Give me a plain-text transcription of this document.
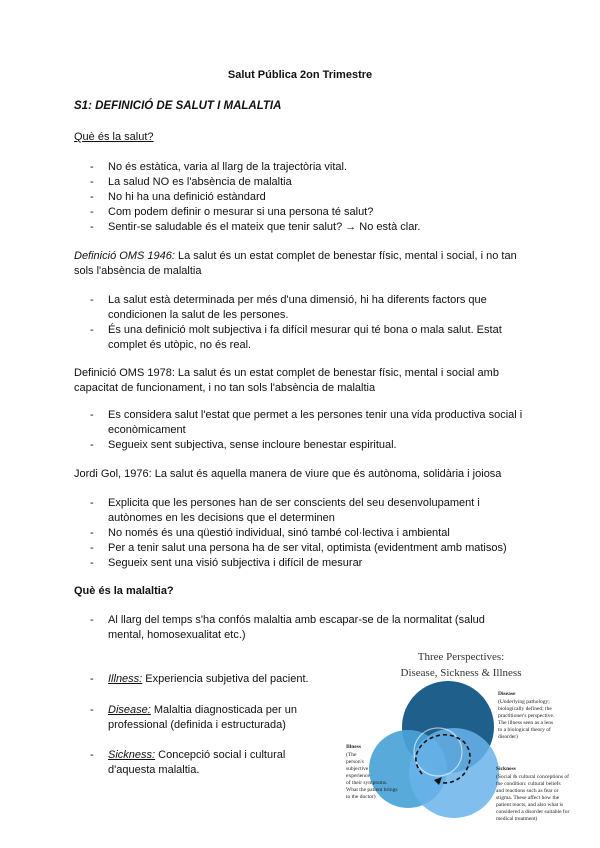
Salut Pública 2on Trimestre
S1: DEFINICIÓ DE SALUT I MALALTIA
Què és la salut?
- No és estàtica, varia al llarg de la trajectòria vital.
- La salud NO es l'absència de malaltia
- No hi ha una definició estàndard
- Com podem definir o mesurar si una persona té salut?
- Sentir-se saludable és el mateix que tenir salut? → No està clar.
Definició OMS 1946: La salut és un estat complet de benestar físic, mental i social, i no tan sols l'absència de malaltia
- La salut està determinada per més d'una dimensió, hi ha diferents factors que condicionen la salut de les persones.
- És una definició molt subjectiva i fa difícil mesurar qui té bona o mala salut. Estat complet és utòpic, no és real.
Definició OMS 1978: La salut és un estat complet de benestar físic, mental i social amb capacitat de funcionament, i no tan sols l'absència de malaltia
- Es considera salut l'estat que permet a les persones tenir una vida productiva social i econòmicament
- Segueix sent subjectiva, sense incloure benestar espiritual.
Jordi Gol, 1976: La salut és aquella manera de viure que és autònoma, solidària i joiosa
- Explicita que les persones han de ser conscients del seu desenvolupament i autònomes en les decisions que el determinen
- No només és una qüestió individual, sinó també col·lectiva i ambiental
- Per a tenir salut una persona ha de ser vital, optimista (evidentment amb matisos)
- Segueix sent una visió subjectiva i difícil de mesurar
Què és la malaltia?
- Al llarg del temps s'ha confós malaltia amb escapar-se de la normalitat (salud mental, homosexualitat etc.)
- Illness: Experiencia subjetiva del pacient.
- Disease: Malaltia diagnosticada per un professional (definida i estructurada)
- Sickness: Concepció social i cultural d'aquesta malaltia.
Three Perspectives:
Disease, Sickness & Illness
Disease
(Underlying pathology;
biologically defined; the
practitioner's perspective.
The illness seen as a lens
to a biological theory of
disorder)
Illness
(The
person's
subjective
experience
of their symptoms.
What the patient brings
to the doctor)
Sickness
(Social & cultural conceptions of
the condition: cultural beliefs
and reactions such as fear or
stigma. These affect how the
patient reacts, and also what is
considered a disorder suitable for
medical treatment)
